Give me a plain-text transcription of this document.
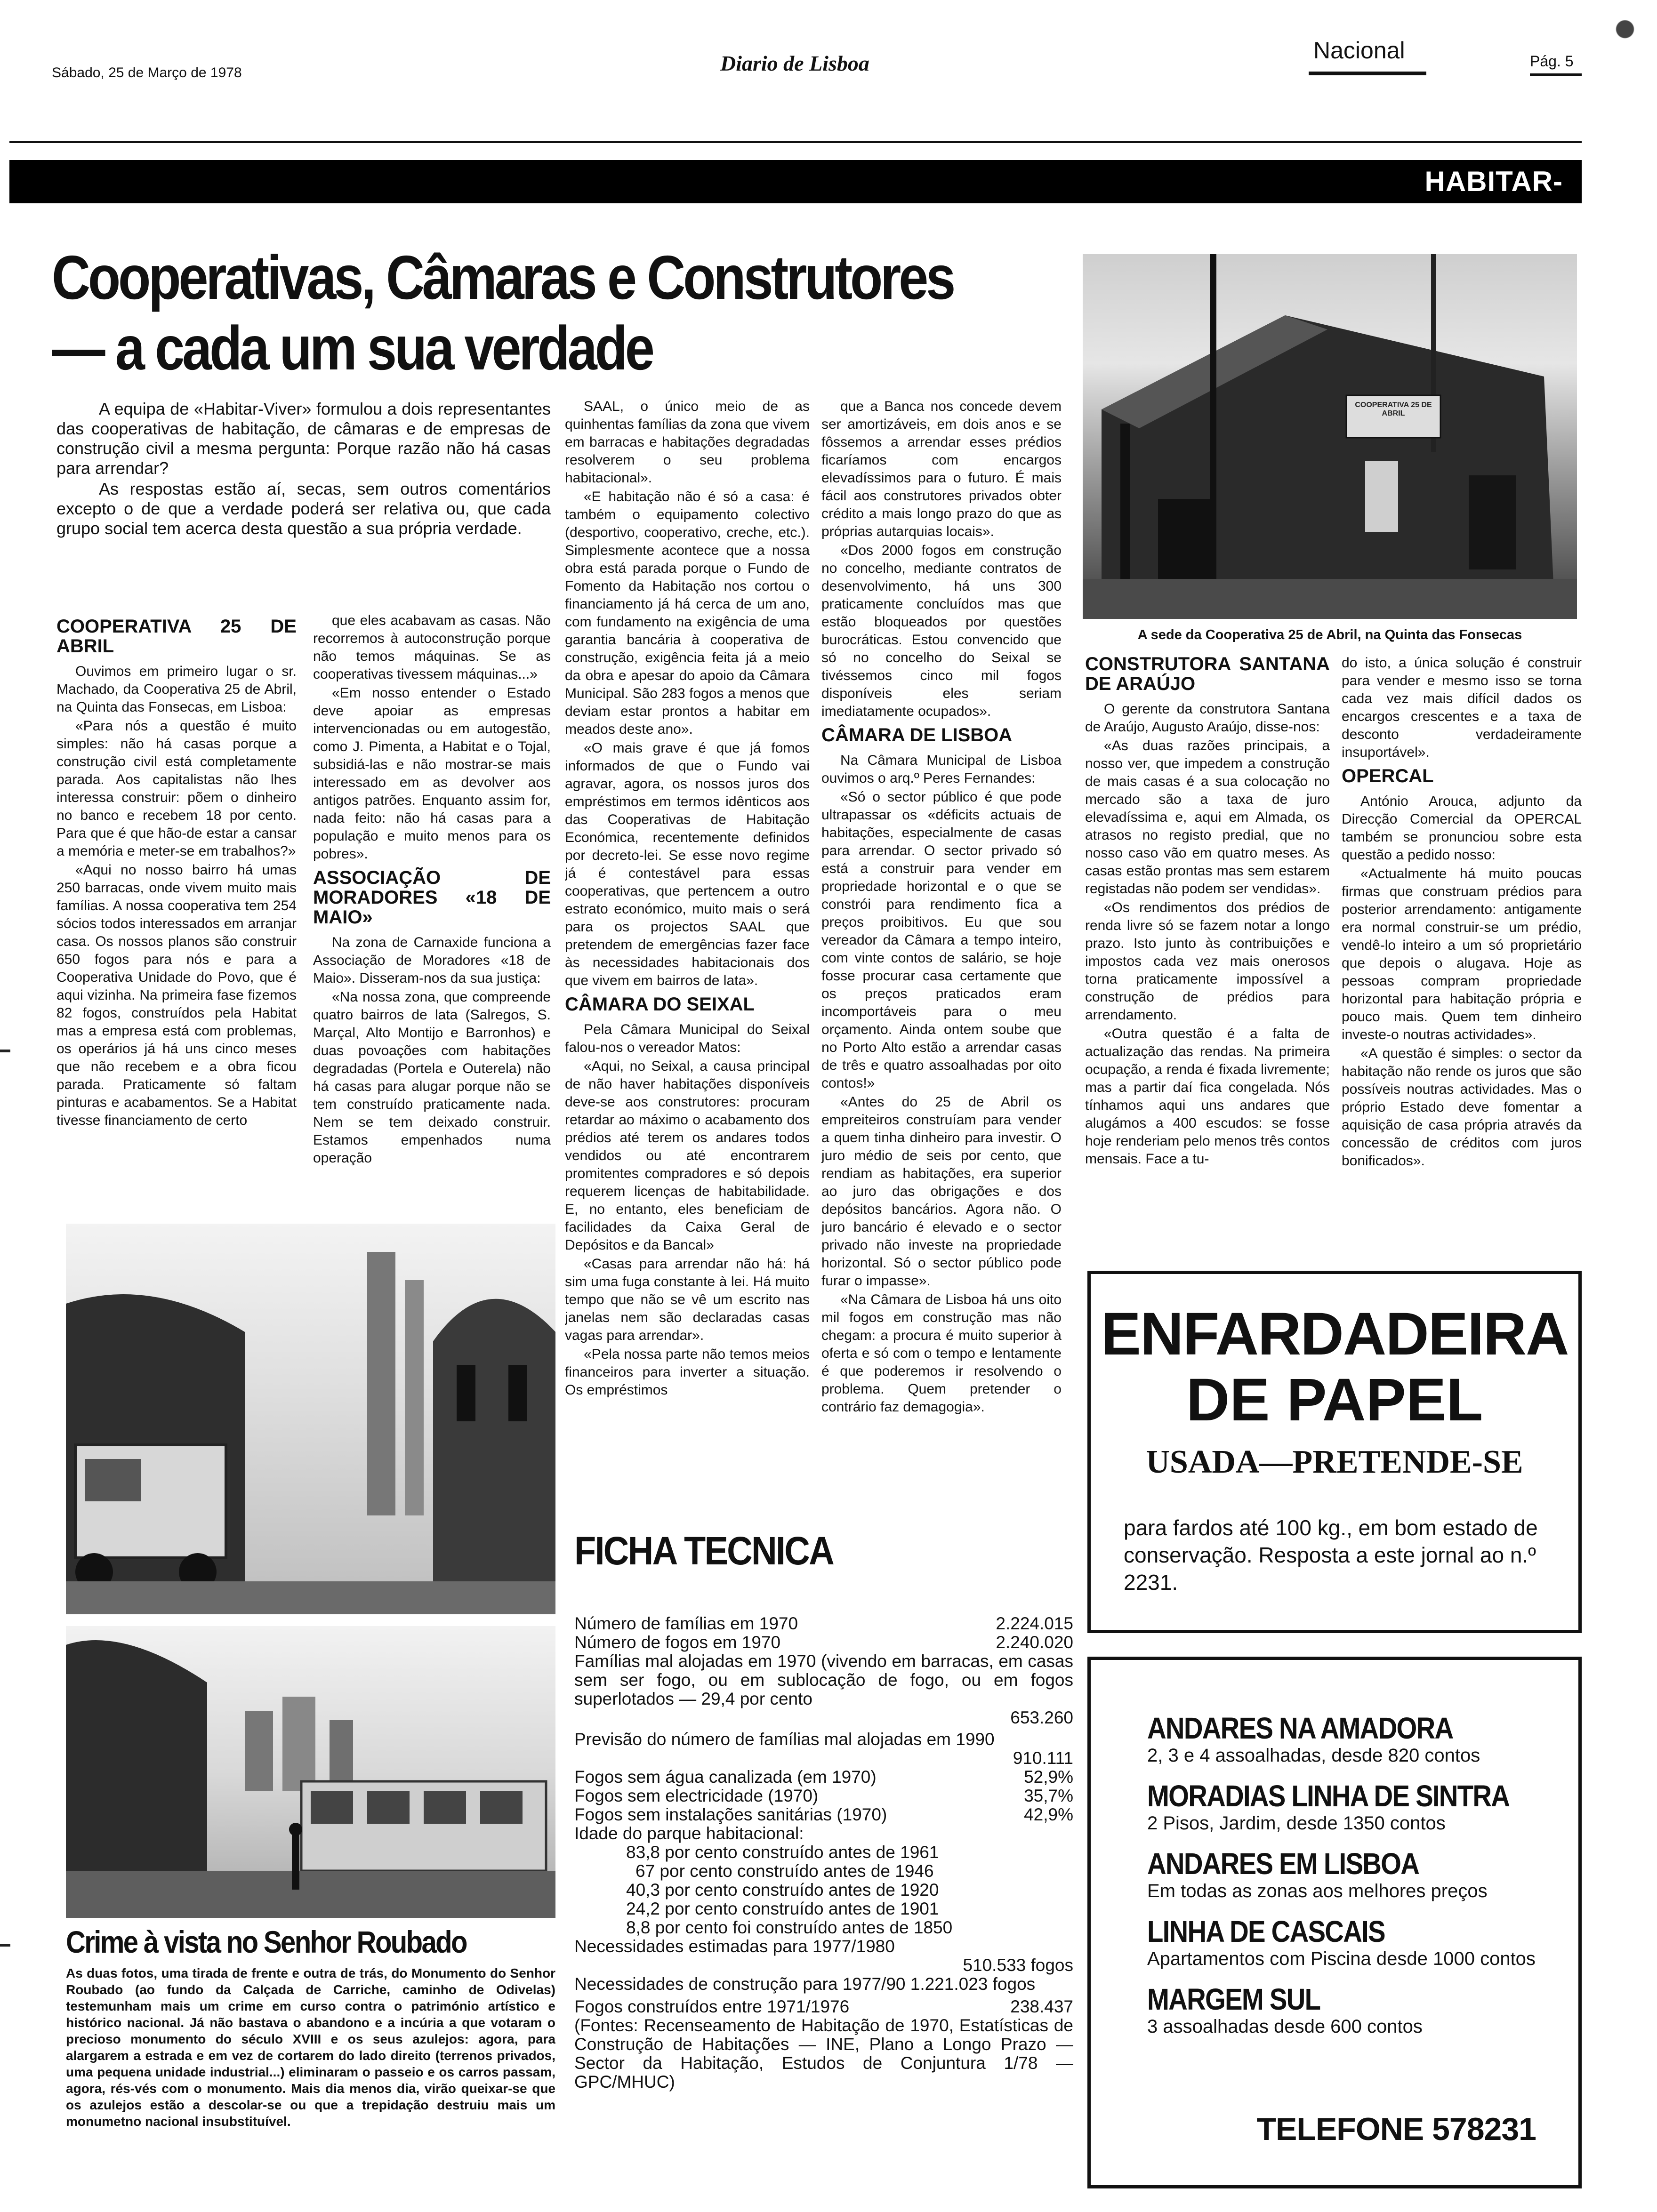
Sábado, 25 de Março de 1978	Diario de Lisboa	Nacional	Pág. 5
HABITAR-VIVER
Cooperativas, Câmaras e Construtores
— a cada um sua verdade

A equipa de «Habitar-Viver» formulou a dois representantes das cooperativas de habitação, de câmaras e de empresas de construção civil a mesma pergunta: Porque razão não há casas para arrendar?

As respostas estão aí, secas, sem outros comentários excepto o de que a verdade poderá ser relativa ou, que cada grupo social tem acerca desta questão a sua própria verdade.

COOPERATIVA 25 DE ABRIL

Ouvimos em primeiro lugar o sr. Machado, da Cooperativa 25 de Abril, na Quinta das Fonsecas, em Lisboa:

«Para nós a questão é muito simples: não há casas porque a construção civil está completamente parada. Aos capitalistas não lhes interessa construir: põem o dinheiro no banco e recebem 18 por cento. Para que é que hão-de estar a cansar a memória e meter-se em trabalhos?»

«Aqui no nosso bairro há umas 250 barracas, onde vivem muito mais famílias. A nossa cooperativa tem 254 sócios todos interessados em arranjar casa. Os nossos planos são construir 650 fogos para nós e para a Cooperativa Unidade do Povo, que é aqui vizinha. Na primeira fase fizemos 82 fogos, construídos pela Habitat mas a empresa está com problemas, os operários já há uns cinco meses que não recebem e a obra ficou parada. Praticamente só faltam pinturas e acabamentos. Se a Habitat tivesse financiamento de certo

que eles acabavam as casas. Não recorremos à autoconstrução porque não temos máquinas. Se as cooperativas tivessem máquinas...»

«Em nosso entender o Estado deve apoiar as empresas intervencionadas ou em autogestão, como J. Pimenta, a Habitat e o Tojal, subsidiá-las e não mostrar-se mais interessado em as devolver aos antigos patrões. Enquanto assim for, nada feito: não há casas para a população e muito menos para os pobres».

ASSOCIAÇÃO DE MORADORES «18 DE MAIO»

Na zona de Carnaxide funciona a Associação de Moradores «18 de Maio». Disseram-nos da sua justiça:

«Na nossa zona, que compreende quatro bairros de lata (Salregos, S. Marçal, Alto Montijo e Barronhos) e duas povoações com habitações degradadas (Portela e Outerela) não há casas para alugar porque não se tem construído praticamente nada. Nem se tem deixado construir. Estamos empenhados numa operação

SAAL, o único meio de as quinhentas famílias da zona que vivem em barracas e habitações degradadas resolverem o seu problema habitacional».

«E habitação não é só a casa: é também o equipamento colectivo (desportivo, cooperativo, creche, etc.). Simplesmente acontece que a nossa obra está parada porque o Fundo de Fomento da Habitação nos cortou o financiamento já há cerca de um ano, com fundamento na exigência de uma garantia bancária à cooperativa de construção, exigência feita já a meio da obra e apesar do apoio da Câmara Municipal. São 283 fogos a menos que deviam estar prontos a habitar em meados deste ano».

«O mais grave é que já fomos informados de que o Fundo vai agravar, agora, os nossos juros dos empréstimos em termos idênticos aos das Cooperativas de Habitação Económica, recentemente definidos por decreto-lei. Se esse novo regime já é contestável para essas cooperativas, que pertencem a outro estrato económico, muito mais o será para os projectos SAAL que pretendem de emergências fazer face às necessidades habitacionais dos que vivem em bairros de lata».

CÂMARA DO SEIXAL

Pela Câmara Municipal do Seixal falou-nos o vereador Matos:

«Aqui, no Seixal, a causa principal de não haver habitações disponíveis deve-se aos construtores: procuram retardar ao máximo o acabamento dos prédios até terem os andares todos vendidos ou até encontrarem promitentes compradores e só depois requerem licenças de habitabilidade. E, no entanto, eles beneficiam de facilidades da Caixa Geral de Depósitos e da Bancal»

«Casas para arrendar não há: há sim uma fuga constante à lei. Há muito tempo que não se vê um escrito nas janelas nem são declaradas casas vagas para arrendar».

«Pela nossa parte não temos meios financeiros para inverter a situação. Os empréstimos

que a Banca nos concede devem ser amortizáveis, em dois anos e se fôssemos a arrendar esses prédios ficaríamos com encargos elevadíssimos para o futuro. É mais fácil aos construtores privados obter crédito a mais longo prazo do que as próprias autarquias locais».

«Dos 2000 fogos em construção no concelho, mediante contratos de desenvolvimento, há uns 300 praticamente concluídos mas que estão bloqueados por questões burocráticas. Estou convencido que só no concelho do Seixal se tivéssemos cinco mil fogos disponíveis eles seriam imediatamente ocupados».

CÂMARA DE LISBOA

Na Câmara Municipal de Lisboa ouvimos o arq.º Peres Fernandes:

«Só o sector público é que pode ultrapassar os «déficits actuais de habitações, especialmente de casas para arrendar. O sector privado só está a construir para vender em propriedade horizontal e o que se constrói para rendimento fica a preços proibitivos. Eu que sou vereador da Câmara a tempo inteiro, com vinte contos de salário, se hoje fosse procurar casa certamente que os preços praticados eram incomportáveis para o meu orçamento. Ainda ontem soube que no Porto Alto estão a arrendar casas de três e quatro assoalhadas por oito contos!»

«Antes do 25 de Abril os empreiteiros construíam para vender a quem tinha dinheiro para investir. O juro médio de seis por cento, que rendiam as habitações, era superior ao juro das obrigações e dos depósitos bancários. Agora não. O juro bancário é elevado e o sector privado não investe na propriedade horizontal. Só o sector público pode furar o impasse».

«Na Câmara de Lisboa há uns oito mil fogos em construção mas não chegam: a procura é muito superior à oferta e só com o tempo e lentamente é que poderemos ir resolvendo o problema. Quem pretender o contrário faz demagogia».

COOPERATIVA 25 DE ABRIL
A sede da Cooperativa 25 de Abril, na Quinta das Fonsecas
CONSTRUTORA SANTANA DE ARAÚJO

O gerente da construtora Santana de Araújo, Augusto Araújo, disse-nos:

«As duas razões principais, a nosso ver, que impedem a construção de mais casas é a sua colocação no mercado são a taxa de juro elevadíssima e, aqui em Almada, os atrasos no registo predial, que no nosso caso vão em quatro meses. As casas estão prontas mas sem estarem registadas não podem ser vendidas».

«Os rendimentos dos prédios de renda livre só se fazem notar a longo prazo. Isto junto às contribuições e impostos cada vez mais onerosos torna praticamente impossível a construção de prédios para arrendamento.

«Outra questão é a falta de actualização das rendas. Na primeira ocupação, a renda é fixada livremente; mas a partir daí fica congelada. Nós tínhamos aqui uns andares que alugámos a 400 escudos: se fosse hoje renderiam pelo menos três contos mensais. Face a tu-

do isto, a única solução é construir para vender e mesmo isso se torna cada vez mais difícil dados os encargos crescentes e a taxa de desconto verdadeiramente insuportável».

OPERCAL

António Arouca, adjunto da Direcção Comercial da OPERCAL também se pronunciou sobre esta questão a pedido nosso:

«Actualmente há muito poucas firmas que construam prédios para posterior arrendamento: antigamente era normal construir-se um prédio, vendê-lo inteiro a um só proprietário que depois o alugava. Hoje as pessoas compram propriedade horizontal para habitação própria e pouco mais. Quem tem dinheiro investe-o noutras actividades».

«A questão é simples: o sector da habitação não rende os juros que são possíveis noutras actividades. Mas o próprio Estado deve fomentar a aquisição de casa própria através da concessão de créditos com juros bonificados».

Crime à vista no Senhor Roubado
As duas fotos, uma tirada de frente e outra de trás, do Monumento do Senhor Roubado (ao fundo da Calçada de Carriche, caminho de Odivelas) testemunham mais um crime em curso contra o património artístico e histórico nacional. Já não bastava o abandono e a incúria a que votaram o precioso monumento do século XVIII e os seus azulejos: agora, para alargarem a estrada e em vez de cortarem do lado direito (terrenos privados, uma pequena unidade industrial...) eliminaram o passeio e os carros passam, agora, rés-vés com o monumento. Mais dia menos dia, virão queixar-se que os azulejos estão a descolar-se ou que a trepidação destruiu mais um monumetno nacional insubstituível.
FICHA TECNICA
Número de famílias em 1970	2.224.015
Número de fogos em 1970	2.240.020
Famílias mal alojadas em 1970 (vivendo em barracas, em casas sem ser fogo, ou em sublocação de fogo, ou em fogos superlotados — 29,4 por cento
653.260
Previsão do número de famílias mal alojadas em 1990
910.111
Fogos sem água canalizada (em 1970)	52,9%
Fogos sem electricidade (1970)	35,7%
Fogos sem instalações sanitárias (1970)	42,9%
Idade do parque habitacional:
83,8 por cento construído antes de 1961
67 por cento construído antes de 1946
40,3 por cento construído antes de 1920
24,2 por cento construído antes de 1901
8,8 por cento foi construído antes de 1850
Necessidades estimadas para 1977/1980
510.533 fogos
Necessidades de construção para 1977/90 1.221.023 fogos
Fogos construídos entre 1971/1976	238.437
(Fontes: Recenseamento de Habitação de 1970, Estatísticas de Construção de Habitações — INE, Plano a Longo Prazo — Sector da Habitação, Estudos de Conjuntura 1/78 — GPC/MHUC)
ENFARDADEIRA
DE PAPEL
USADA—PRETENDE-SE
para fardos até 100 kg., em bom estado de conservação. Resposta a este jornal ao n.º 2231.
ANDARES NA AMADORA
2, 3 e 4 assoalhadas, desde 820 contos
MORADIAS LINHA DE SINTRA
2 Pisos, Jardim, desde 1350 contos
ANDARES EM LISBOA
Em todas as zonas aos melhores preços
LINHA DE CASCAIS
Apartamentos com Piscina desde 1000 contos
MARGEM SUL
3 assoalhadas desde 600 contos
TELEFONE 578231
